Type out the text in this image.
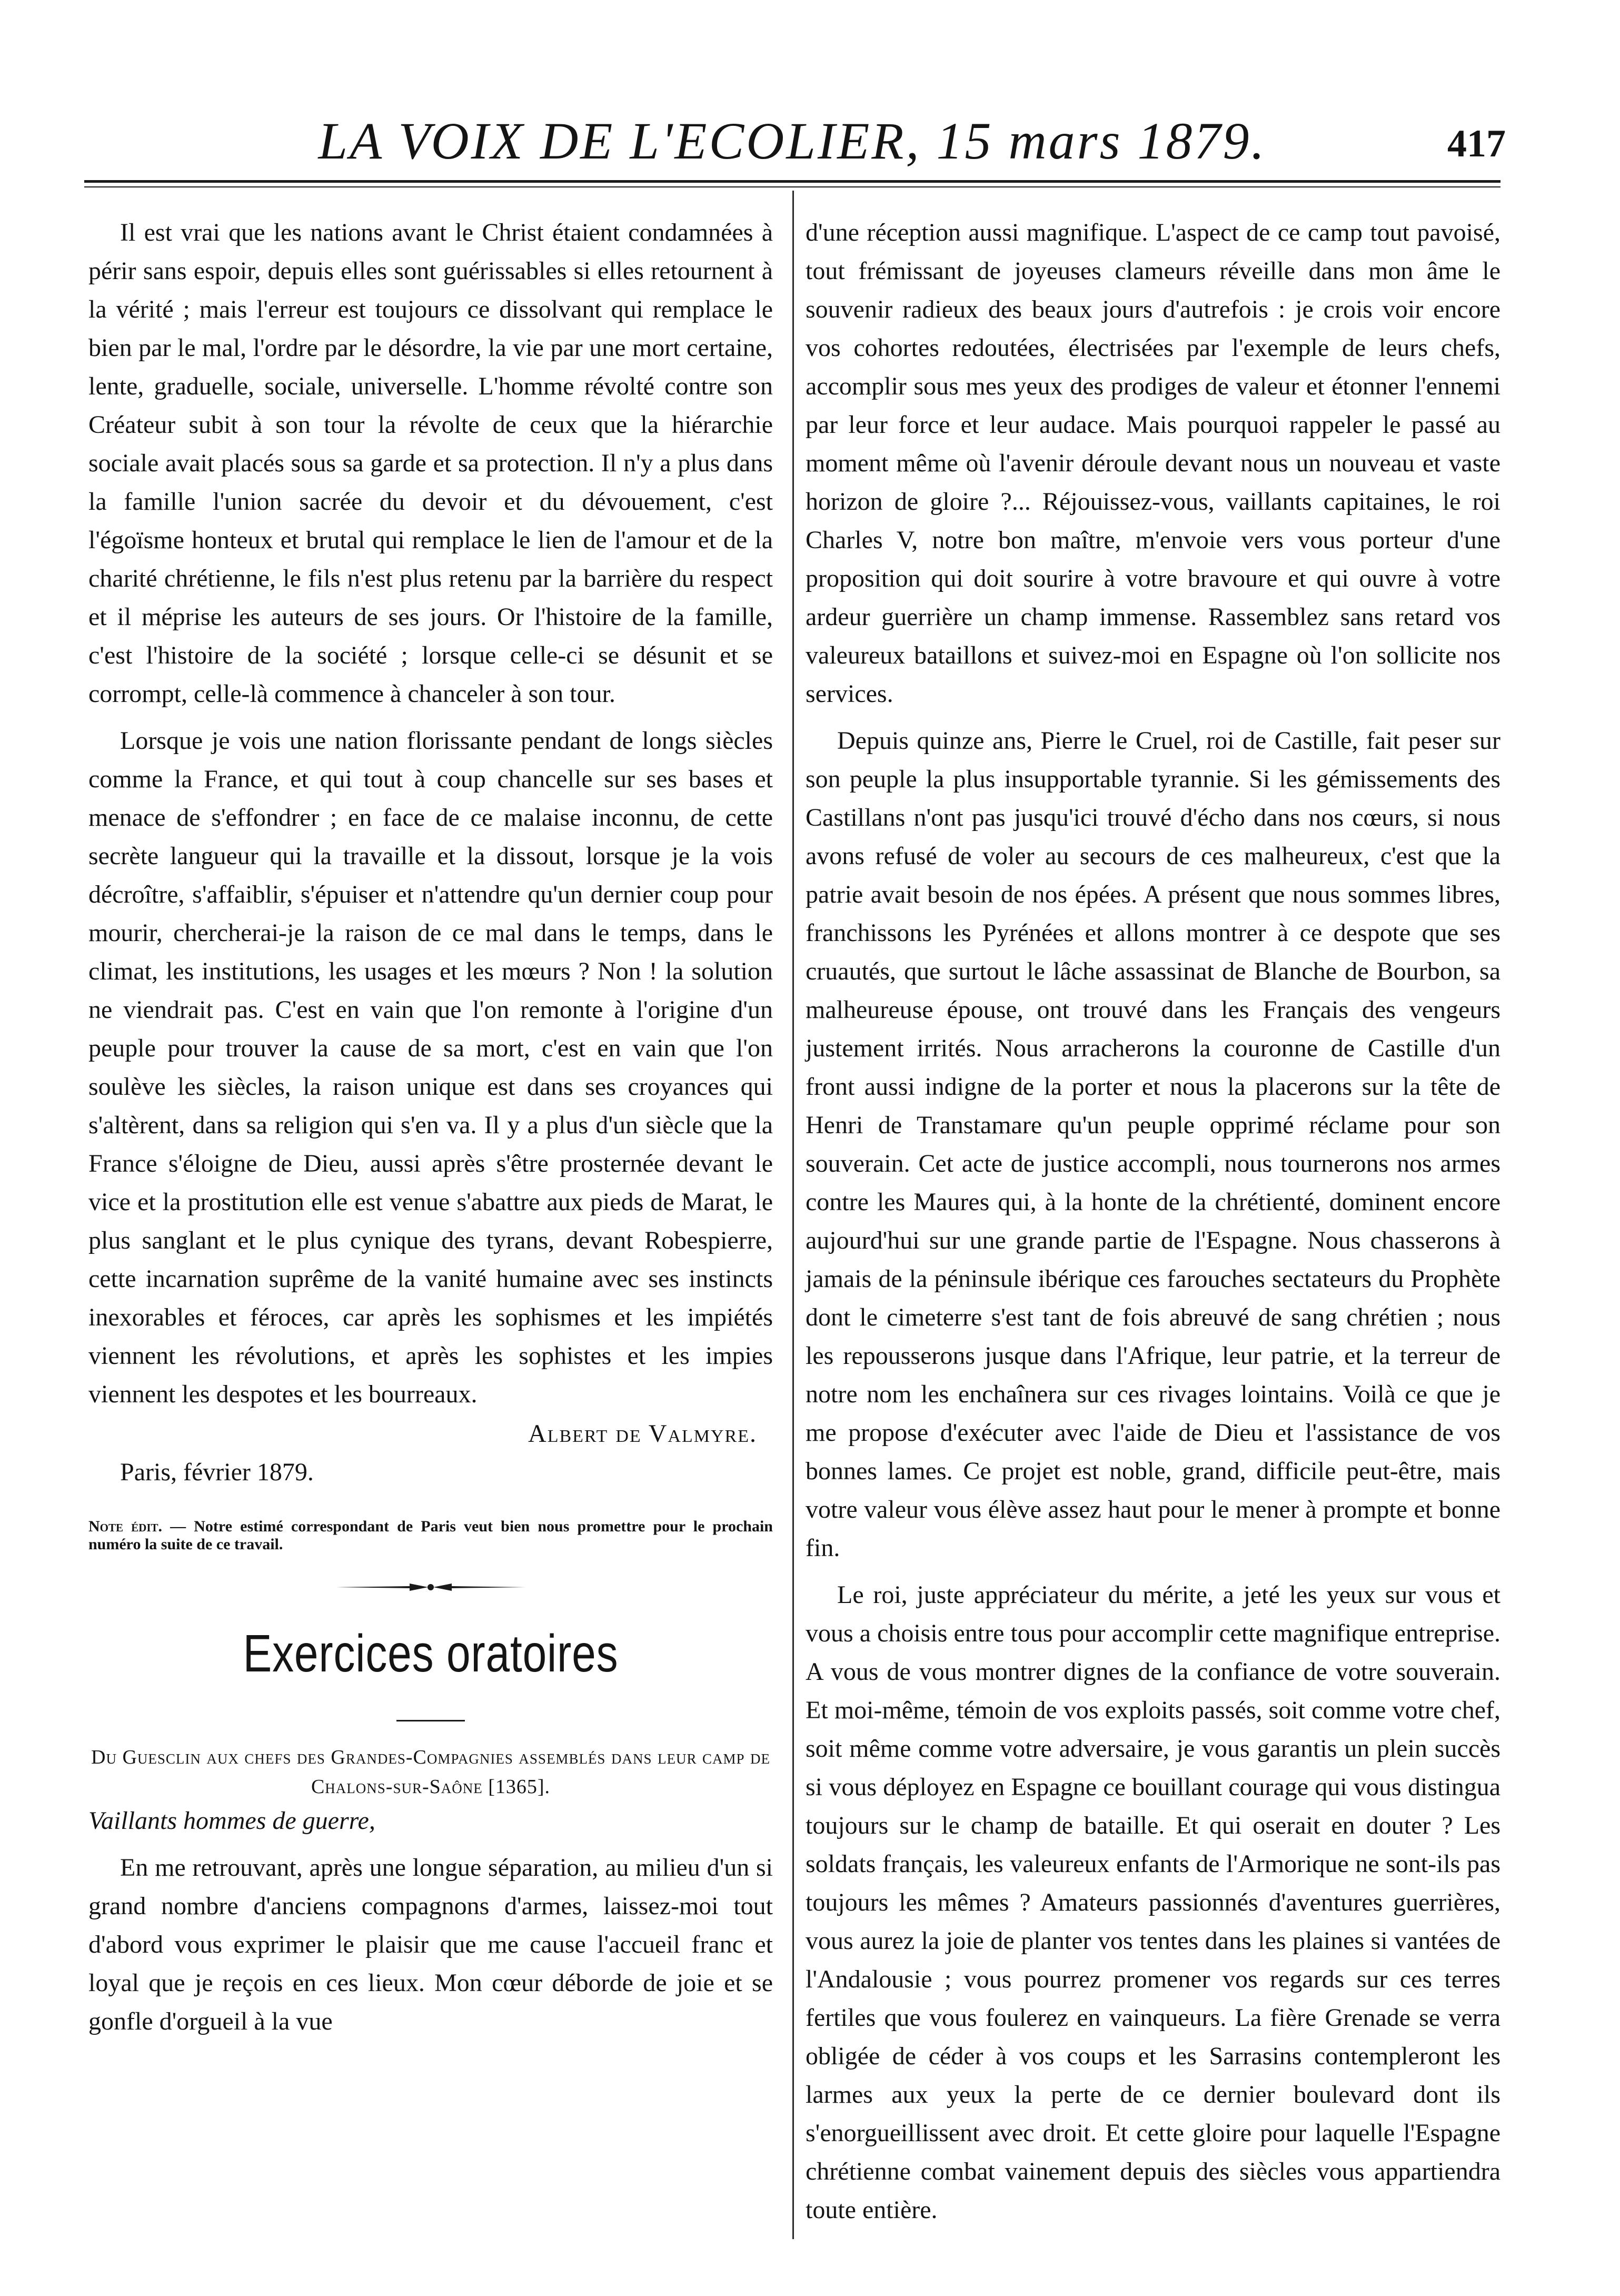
LA VOIX DE L'ECOLIER, 15 mars 1879.	417

Il est vrai que les nations avant le Christ étaient condamnées à périr sans espoir, depuis elles sont guérissables si elles retournent à la vérité ; mais l'erreur est toujours ce dissolvant qui remplace le bien par le mal, l'ordre par le désordre, la vie par une mort certaine, lente, graduelle, sociale, universelle. L'homme révolté contre son Créateur subit à son tour la révolte de ceux que la hiérarchie sociale avait placés sous sa garde et sa protection. Il n'y a plus dans la famille l'union sacrée du devoir et du dévouement, c'est l'égoïsme honteux et brutal qui remplace le lien de l'amour et de la charité chrétienne, le fils n'est plus retenu par la barrière du respect et il méprise les auteurs de ses jours. Or l'histoire de la famille, c'est l'histoire de la société ; lorsque celle-ci se désunit et se corrompt, celle-là commence à chanceler à son tour.

Lorsque je vois une nation florissante pendant de longs siècles comme la France, et qui tout à coup chancelle sur ses bases et menace de s'effondrer ; en face de ce malaise inconnu, de cette secrète langueur qui la travaille et la dissout, lorsque je la vois décroître, s'affaiblir, s'épuiser et n'attendre qu'un dernier coup pour mourir, chercherai-je la raison de ce mal dans le temps, dans le climat, les institutions, les usages et les mœurs ? Non ! la solution ne viendrait pas. C'est en vain que l'on remonte à l'origine d'un peuple pour trouver la cause de sa mort, c'est en vain que l'on soulève les siècles, la raison unique est dans ses croyances qui s'altèrent, dans sa religion qui s'en va. Il y a plus d'un siècle que la France s'éloigne de Dieu, aussi après s'être prosternée devant le vice et la prostitution elle est venue s'abattre aux pieds de Marat, le plus sanglant et le plus cynique des tyrans, devant Robespierre, cette incarnation suprême de la vanité humaine avec ses instincts inexorables et féroces, car après les sophismes et les impiétés viennent les révolutions, et après les sophistes et les impies viennent les despotes et les bourreaux.

Albert de Valmyre.
Paris, février 1879.
Note édit. — Notre estimé correspondant de Paris veut bien nous promettre pour le prochain numéro la suite de ce travail.
Exercices oratoires
Du Guesclin aux chefs des Grandes-Compagnies assemblés dans leur camp de Chalons-sur-Saône [1365].

Vaillants hommes de guerre,

En me retrouvant, après une longue séparation, au milieu d'un si grand nombre d'anciens compagnons d'armes, laissez-moi tout d'abord vous exprimer le plaisir que me cause l'accueil franc et loyal que je reçois en ces lieux. Mon cœur déborde de joie et se gonfle d'orgueil à la vue

d'une réception aussi magnifique. L'aspect de ce camp tout pavoisé, tout frémissant de joyeuses clameurs réveille dans mon âme le souvenir radieux des beaux jours d'autrefois : je crois voir encore vos cohortes redoutées, électrisées par l'exemple de leurs chefs, accomplir sous mes yeux des prodiges de valeur et étonner l'ennemi par leur force et leur audace. Mais pourquoi rappeler le passé au moment même où l'avenir déroule devant nous un nouveau et vaste horizon de gloire ?... Réjouissez-vous, vaillants capitaines, le roi Charles V, notre bon maître, m'envoie vers vous porteur d'une proposition qui doit sourire à votre bravoure et qui ouvre à votre ardeur guerrière un champ immense. Rassemblez sans retard vos valeureux bataillons et suivez-moi en Espagne où l'on sollicite nos services.

Depuis quinze ans, Pierre le Cruel, roi de Castille, fait peser sur son peuple la plus insupportable tyrannie. Si les gémissements des Castillans n'ont pas jusqu'ici trouvé d'écho dans nos cœurs, si nous avons refusé de voler au secours de ces malheureux, c'est que la patrie avait besoin de nos épées. A présent que nous sommes libres, franchissons les Pyrénées et allons montrer à ce despote que ses cruautés, que surtout le lâche assassinat de Blanche de Bourbon, sa malheureuse épouse, ont trouvé dans les Français des vengeurs justement irrités. Nous arracherons la couronne de Castille d'un front aussi indigne de la porter et nous la placerons sur la tête de Henri de Transtamare qu'un peuple opprimé réclame pour son souverain. Cet acte de justice accompli, nous tournerons nos armes contre les Maures qui, à la honte de la chrétienté, dominent encore aujourd'hui sur une grande partie de l'Espagne. Nous chasserons à jamais de la péninsule ibérique ces farouches sectateurs du Prophète dont le cimeterre s'est tant de fois abreuvé de sang chrétien ; nous les repousserons jusque dans l'Afrique, leur patrie, et la terreur de notre nom les enchaînera sur ces rivages lointains. Voilà ce que je me propose d'exécuter avec l'aide de Dieu et l'assistance de vos bonnes lames. Ce projet est noble, grand, difficile peut-être, mais votre valeur vous élève assez haut pour le mener à prompte et bonne fin.

Le roi, juste appréciateur du mérite, a jeté les yeux sur vous et vous a choisis entre tous pour accomplir cette magnifique entreprise. A vous de vous montrer dignes de la confiance de votre souverain. Et moi-même, témoin de vos exploits passés, soit comme votre chef, soit même comme votre adversaire, je vous garantis un plein succès si vous déployez en Espagne ce bouillant courage qui vous distingua toujours sur le champ de bataille. Et qui oserait en douter ? Les soldats français, les valeureux enfants de l'Armorique ne sont-ils pas toujours les mêmes ? Amateurs passionnés d'aventures guerrières, vous aurez la joie de planter vos tentes dans les plaines si vantées de l'Andalousie ; vous pourrez promener vos regards sur ces terres fertiles que vous foulerez en vainqueurs. La fière Grenade se verra obligée de céder à vos coups et les Sarrasins contempleront les larmes aux yeux la perte de ce dernier boulevard dont ils s'enorgueillissent avec droit. Et cette gloire pour laquelle l'Espagne chrétienne combat vainement depuis des siècles vous appartiendra toute entière.
